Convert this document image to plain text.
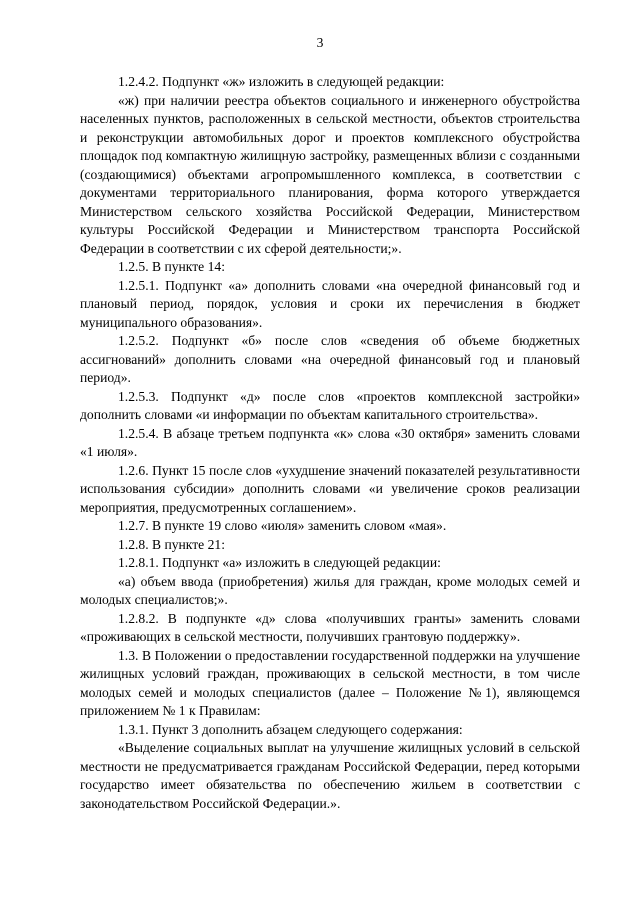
3

1.2.4.2. Подпункт «ж» изложить в следующей редакции:

«ж) при наличии реестра объектов социального и инженерного обустройства населенных пунктов, расположенных в сельской местности, объектов строительства и реконструкции автомобильных дорог и проектов комплексного обустройства площадок под компактную жилищную застройку, размещенных вблизи с созданными (создающимися) объектами агропромышленного комплекса, в соответствии с документами территориального планирования, форма которого утверждается Министерством сельского хозяйства Российской Федерации, Министерством культуры Российской Федерации и Министерством транспорта Российской Федерации в соответствии с их сферой деятельности;».

1.2.5. В пункте 14:

1.2.5.1. Подпункт «а» дополнить словами «на очередной финансовый год и плановый период, порядок, условия и сроки их перечисления в бюджет муниципального образования».

1.2.5.2. Подпункт «б» после слов «сведения об объеме бюджетных ассигнований» дополнить словами «на очередной финансовый год и плановый период».

1.2.5.3. Подпункт «д» после слов «проектов комплексной застройки» дополнить словами «и информации по объектам капитального строительства».

1.2.5.4. В абзаце третьем подпункта «к» слова «30 октября» заменить словами «1 июля».

1.2.6. Пункт 15 после слов «ухудшение значений показателей результативности использования субсидии» дополнить словами «и увеличение сроков реализации мероприятия, предусмотренных соглашением».

1.2.7. В пункте 19 слово «июля» заменить словом «мая».

1.2.8. В пункте 21:

1.2.8.1. Подпункт «а» изложить в следующей редакции:

«а) объем ввода (приобретения) жилья для граждан, кроме молодых семей и молодых специалистов;».

1.2.8.2. В подпункте «д» слова «получивших гранты» заменить словами «проживающих в сельской местности, получивших грантовую поддержку».

1.3. В Положении о предоставлении государственной поддержки на улучшение жилищных условий граждан, проживающих в сельской местности, в том числе молодых семей и молодых специалистов (далее – Положение №1), являющемся приложением № 1 к Правилам:

1.3.1. Пункт 3 дополнить абзацем следующего содержания:

«Выделение социальных выплат на улучшение жилищных условий в сельской местности не предусматривается гражданам Российской Федерации, перед которыми государство имеет обязательства по обеспечению жильем в соответствии с законодательством Российской Федерации.».
